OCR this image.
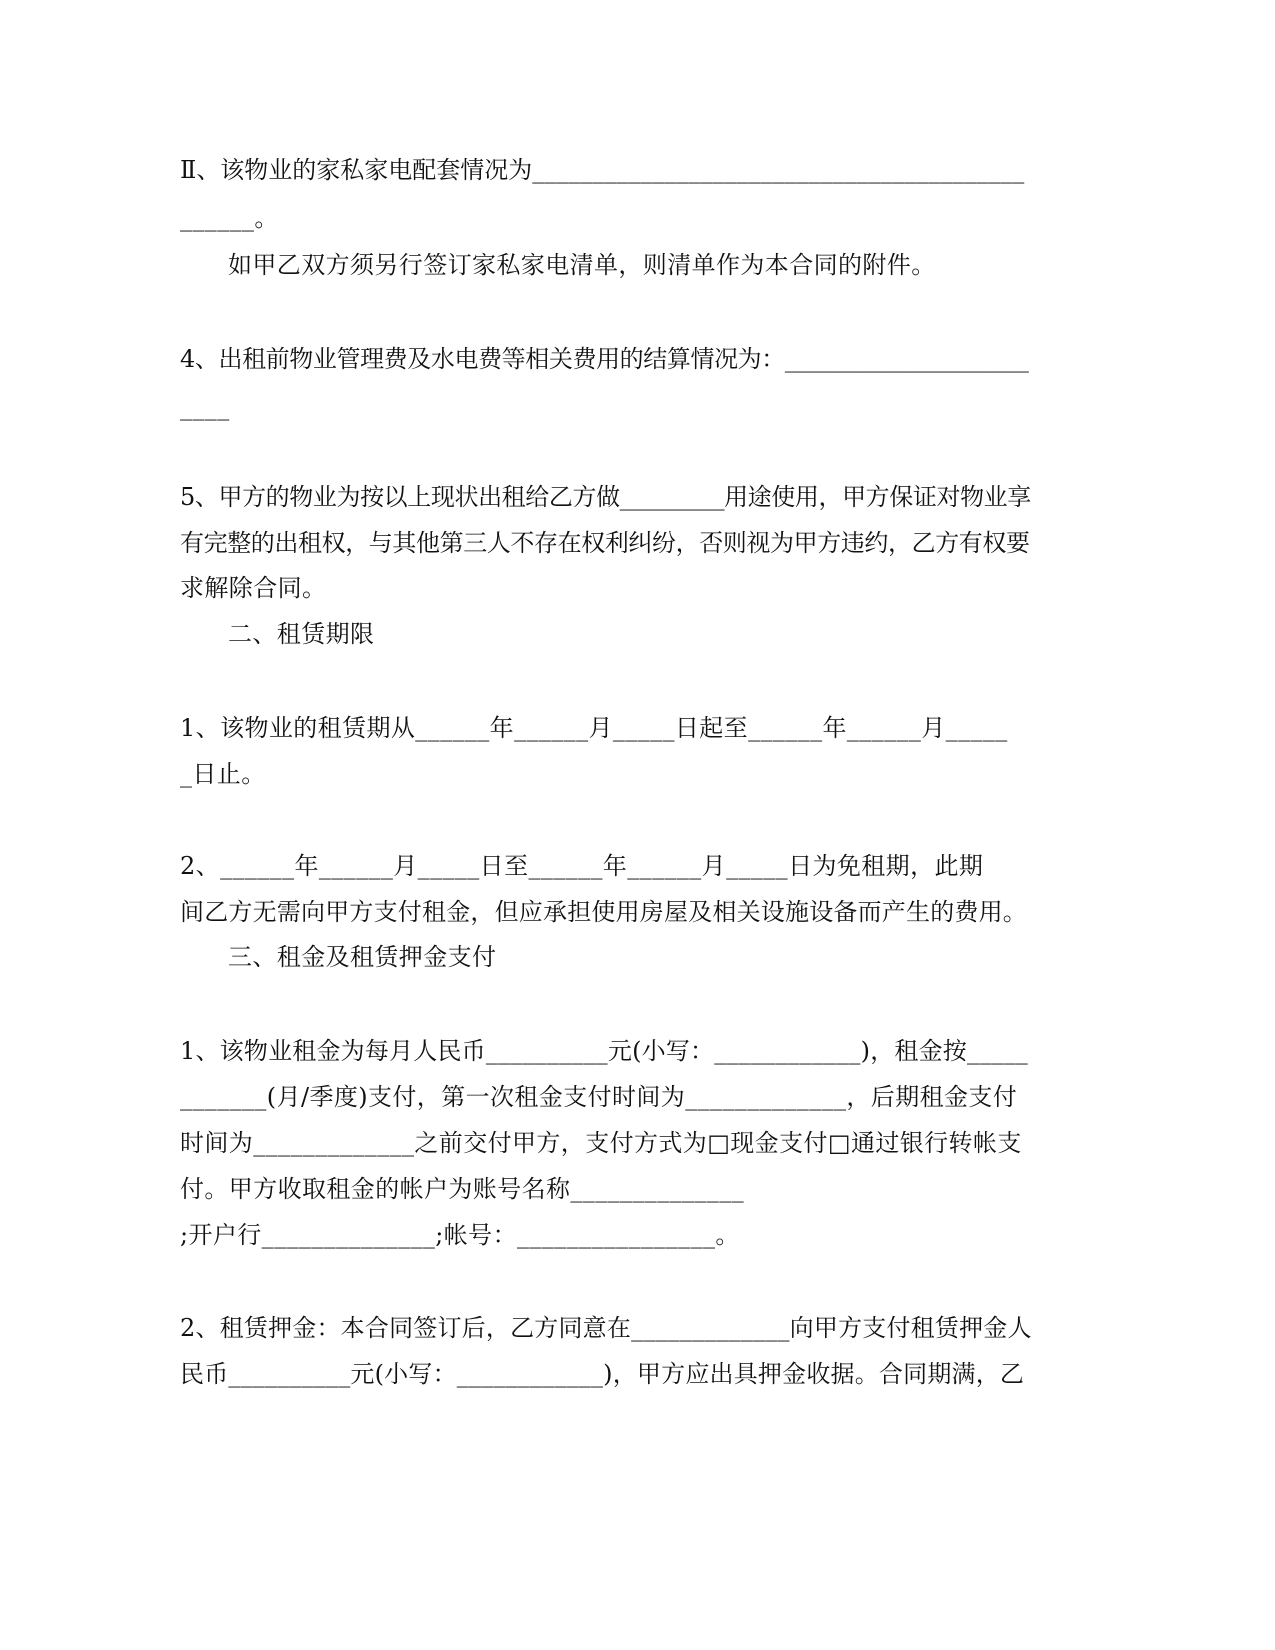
Ⅱ、该物业的家私家电配套情况为_________________________________________
______。
如甲乙双方须另行签订家私家电清单，则清单作为本合同的附件。
4、出租前物业管理费及水电费等相关费用的结算情况为：_____________________
____
5、甲方的物业为按以上现状出租给乙方做_________用途使用，甲方保证对物业享
有完整的出租权，与其他第三人不存在权利纠纷，否则视为甲方违约，乙方有权要
求解除合同。
二、租赁期限
1、该物业的租赁期从______年______月_____日起至______年______月_____
_日止。
2、______年______月_____日至______年______月_____日为免租期，此期
间乙方无需向甲方支付租金，但应承担使用房屋及相关设施设备而产生的费用。
三、租金及租赁押金支付
1、该物业租金为每月人民币__________元(小写：____________)，租金按_____
_______(月/季度)支付，第一次租金支付时间为_____________，后期租金支付
时间为_____________之前交付甲方，支付方式为□现金支付□通过银行转帐支
付。甲方收取租金的帐户为账号名称______________
;开户行______________;帐号：________________。
2、租赁押金：本合同签订后，乙方同意在_____________向甲方支付租赁押金人
民币__________元(小写：____________)，甲方应出具押金收据。合同期满，乙
